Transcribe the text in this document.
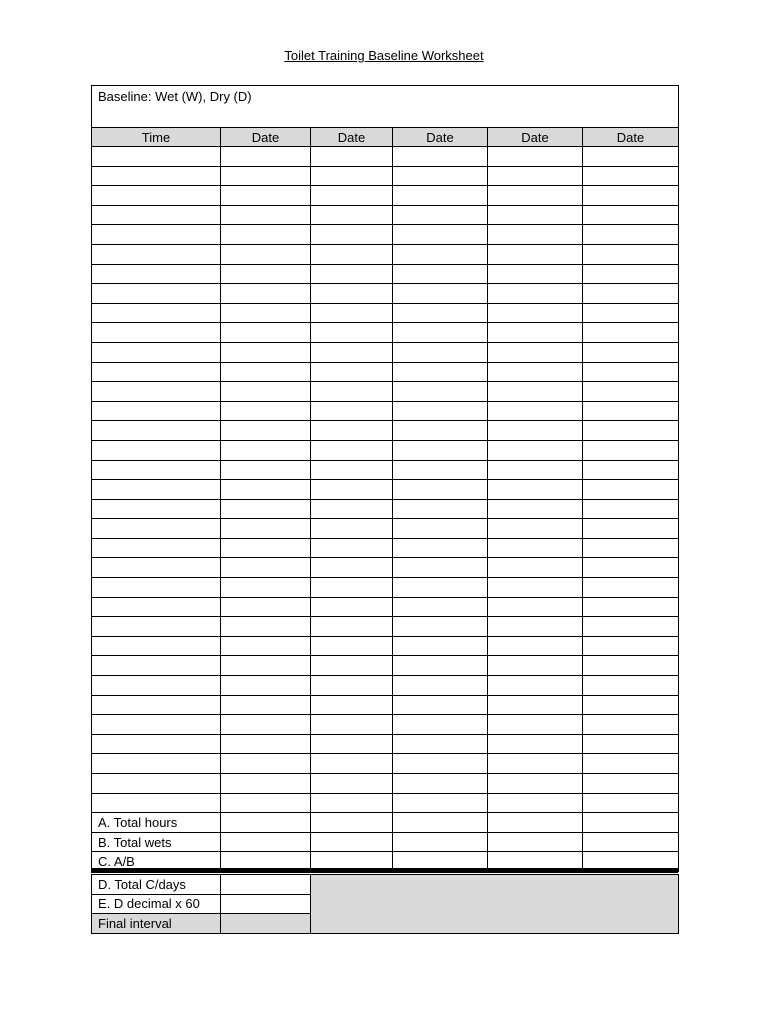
Toilet Training Baseline Worksheet
Baseline: Wet (W), Dry (D)					
Time	Date	Date	Date	Date	Date

A. Total hours					
B. Total wets					
C. A/B					
D. Total C/days		
E. D decimal x 60		
Final interval		
